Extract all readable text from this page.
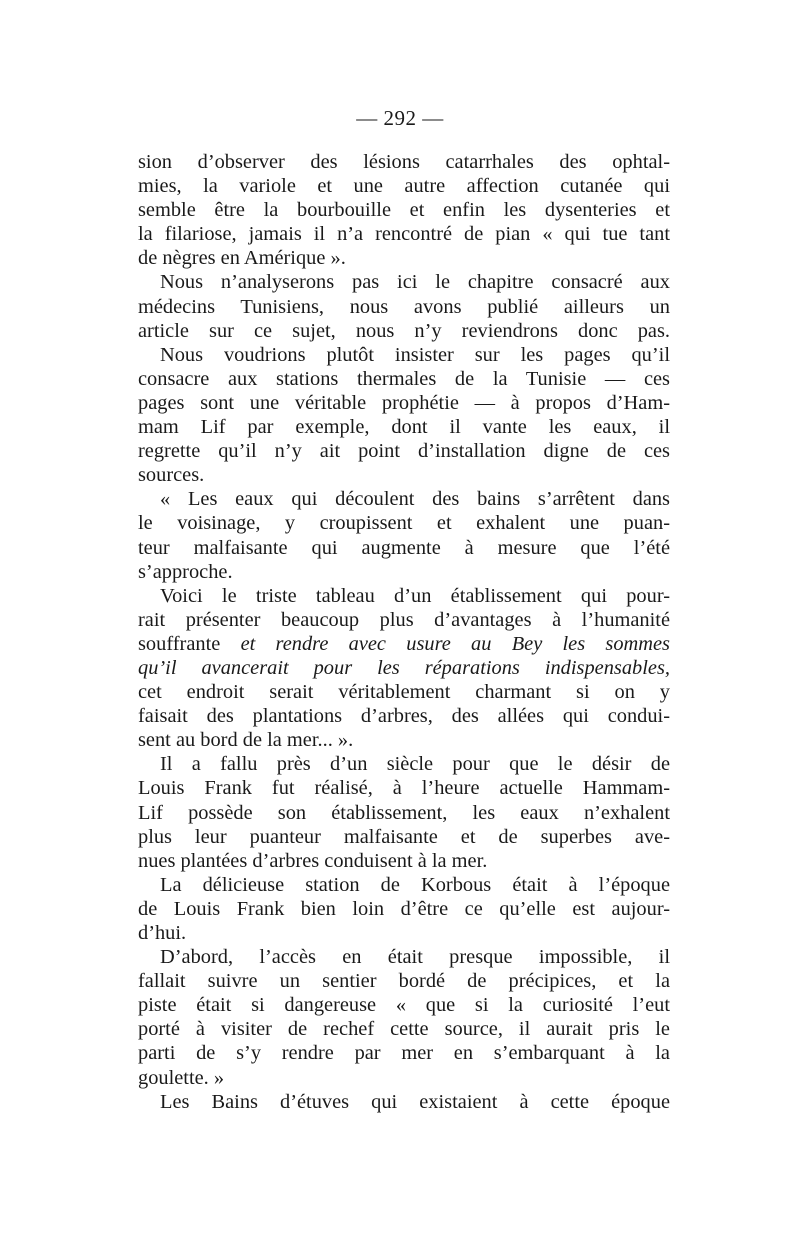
— 292 —
sion d’observer des lésions catarrhales des ophtal-
mies, la variole et une autre affection cutanée qui
semble être la bourbouille et enfin les dysenteries et
la filariose, jamais il n’a rencontré de pian « qui tue tant
de nègres en Amérique ».
Nous n’analyserons pas ici le chapitre consacré aux
médecins Tunisiens, nous avons publié ailleurs un
article sur ce sujet, nous n’y reviendrons donc pas.
Nous voudrions plutôt insister sur les pages qu’il
consacre aux stations thermales de la Tunisie — ces
pages sont une véritable prophétie — à propos d’Ham-
mam Lif par exemple, dont il vante les eaux, il
regrette qu’il n’y ait point d’installation digne de ces
sources.
« Les eaux qui découlent des bains s’arrêtent dans
le voisinage, y croupissent et exhalent une puan-
teur malfaisante qui augmente à mesure que l’été
s’approche.
Voici le triste tableau d’un établissement qui pour-
rait présenter beaucoup plus d’avantages à l’humanité
souffrante et rendre avec usure au Bey les sommes
qu’il avancerait pour les réparations indispensables,
cet endroit serait véritablement charmant si on y
faisait des plantations d’arbres, des allées qui condui-
sent au bord de la mer... ».
Il a fallu près d’un siècle pour que le désir de
Louis Frank fut réalisé, à l’heure actuelle Hammam-
Lif possède son établissement, les eaux n’exhalent
plus leur puanteur malfaisante et de superbes ave-
nues plantées d’arbres conduisent à la mer.
La délicieuse station de Korbous était à l’époque
de Louis Frank bien loin d’être ce qu’elle est aujour-
d’hui.
D’abord, l’accès en était presque impossible, il
fallait suivre un sentier bordé de précipices, et la
piste était si dangereuse « que si la curiosité l’eut
porté à visiter de rechef cette source, il aurait pris le
parti de s’y rendre par mer en s’embarquant à la
goulette. »
Les Bains d’étuves qui existaient à cette époque
